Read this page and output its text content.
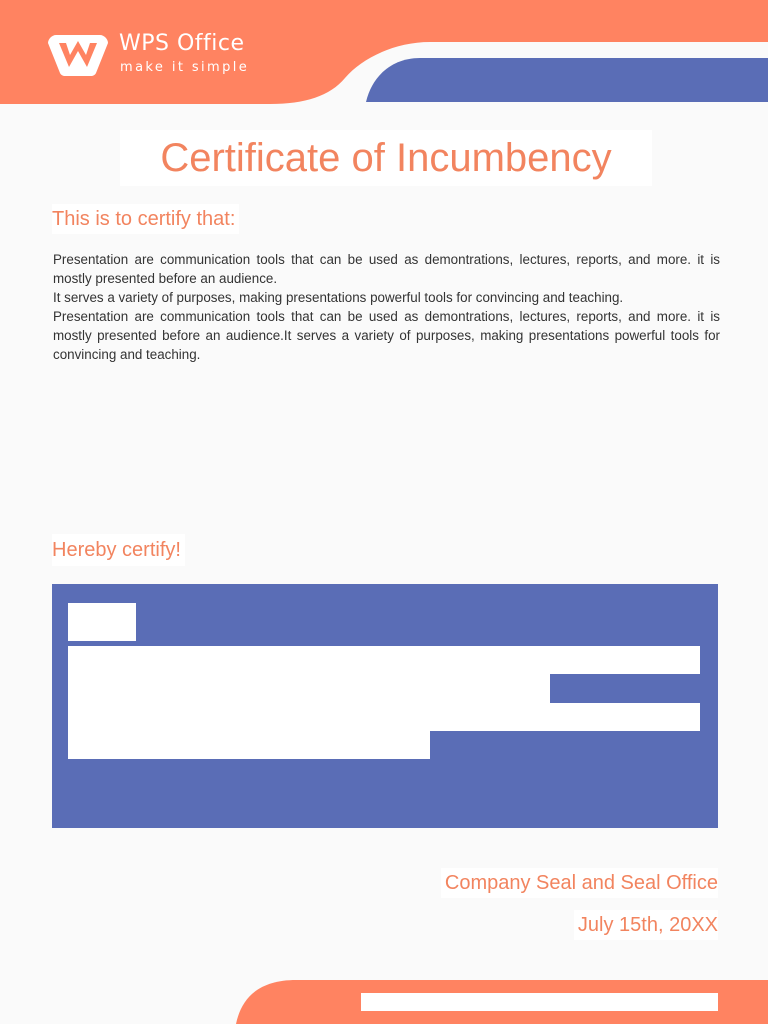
WPS Office
make it simple
Certificate of Incumbency
This is to certify that:

Presentation are communication tools that can be used as demontrations, lectures, reports, and more. it is mostly presented before an audience.

It serves a variety of purposes, making presentations powerful tools for convincing and teaching.

Presentation are communication tools that can be used as demontrations, lectures, reports, and more. it is mostly presented before an audience.It serves a variety of purposes, making presentations powerful tools for convincing and teaching.

Hereby certify!
Company Seal and Seal Office
July 15th, 20XX
